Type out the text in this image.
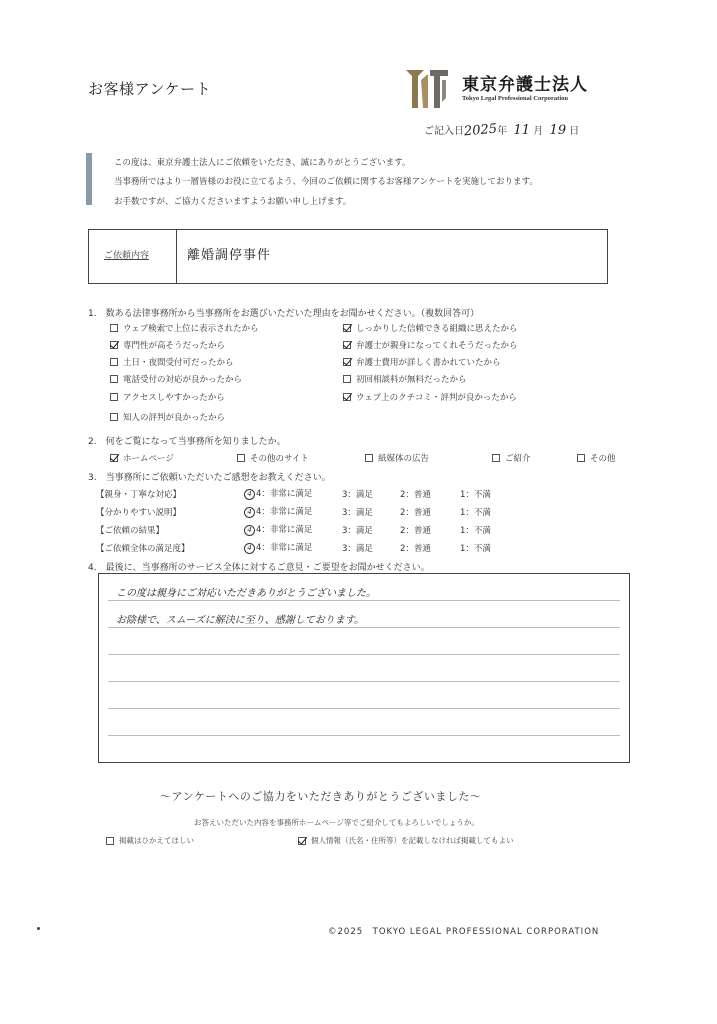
お客様アンケート	東京弁護士法人
Tokyo Legal Professional Corporation
ご記入日2025年 11 月 19 日
この度は、東京弁護士法人にご依頼をいただき、誠にありがとうございます。
当事務所ではより一層皆様のお役に立てるよう、今回のご依頼に関するお客様アンケートを実施しております。
お手数ですが、ご協力くださいますようお願い申し上げます。
ご依頼内容	離婚調停事件
1.　数ある法律事務所から当事務所をお選びいただいた理由をお聞かせください。（複数回答可）
ウェブ検索で上位に表示されたから	しっかりした信頼できる組織に思えたから
専門性が高そうだったから	弁護士が親身になってくれそうだったから
土日・夜間受付可だったから	弁護士費用が詳しく書かれていたから
電話受付の対応が良かったから	初回相談料が無料だったから
アクセスしやすかったから	ウェブ上のクチコミ・評判が良かったから
知人の評判が良かったから
2.　何をご覧になって当事務所を知りましたか。
ホームページ	その他のサイト	紙媒体の広告	ご紹介	その他
3.　当事務所にご依頼いただいたご感想をお教えください。
【親身・丁寧な対応】	4 4：非常に満足	3：満足	2：普通	1：不満
【分かりやすい説明】	4 4：非常に満足	3：満足	2：普通	1：不満
【ご依頼の結果】	4 4：非常に満足	3：満足	2：普通	1：不満
【ご依頼全体の満足度】	4 4：非常に満足	3：満足	2：普通	1：不満
4.　最後に、当事務所のサービス全体に対するご意見・ご要望をお聞かせください。
この度は親身にご対応いただきありがとうございました。
お陰様で、スムーズに解決に至り、感謝しております。
～アンケートへのご協力をいただきありがとうございました～
お答えいただいた内容を事務所ホームページ等でご紹介してもよろしいでしょうか。
掲載はひかえてほしい	個人情報（氏名・住所等）を記載しなければ掲載してもよい
©2025　TOKYO LEGAL PROFESSIONAL CORPORATION
